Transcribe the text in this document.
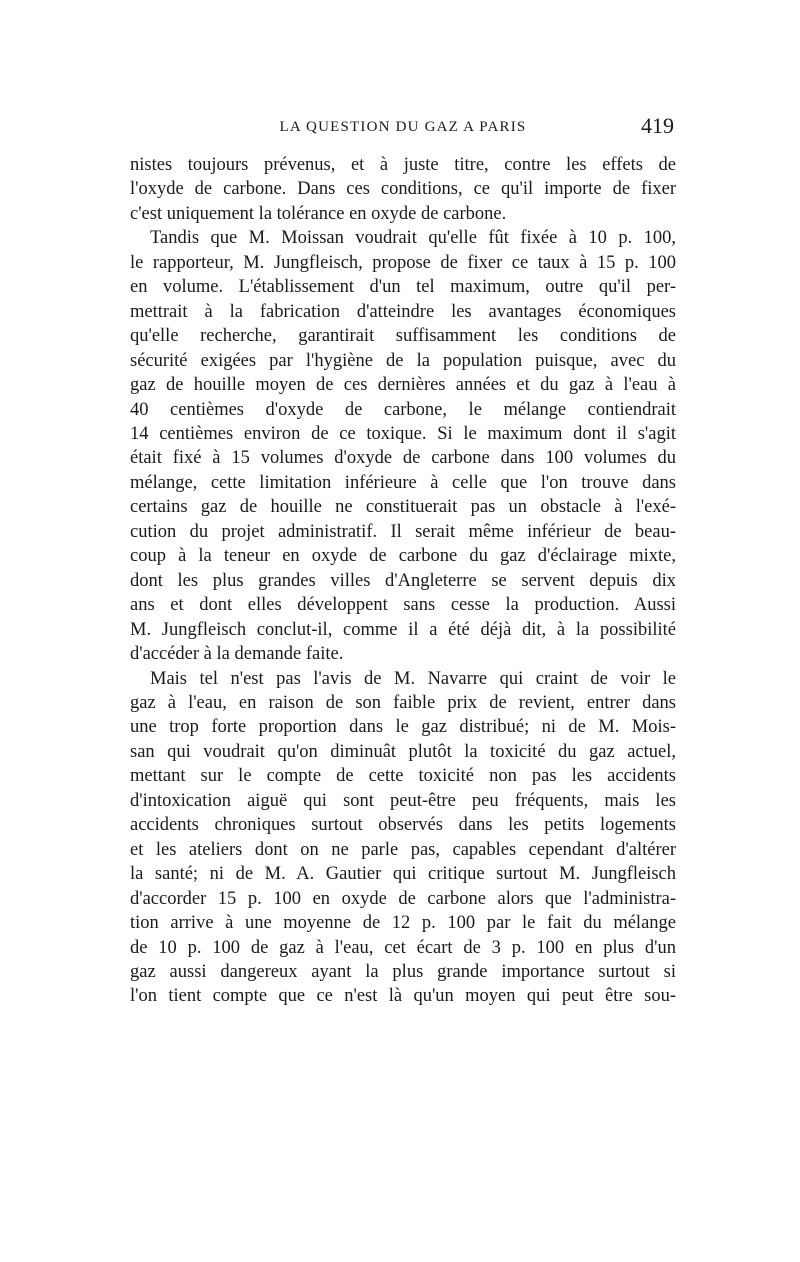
LA QUESTION DU GAZ A PARIS	419

nistes toujours prévenus, et à juste titre, contre les effets de
l'oxyde de carbone. Dans ces conditions, ce qu'il importe de fixer
c'est uniquement la tolérance en oxyde de carbone.

Tandis que M. Moissan voudrait qu'elle fût fixée à 10 p. 100,
le rapporteur, M. Jungfleisch, propose de fixer ce taux à 15 p. 100
en volume. L'établissement d'un tel maximum, outre qu'il per-
mettrait à la fabrication d'atteindre les avantages économiques
qu'elle recherche, garantirait suffisamment les conditions de
sécurité exigées par l'hygiène de la population puisque, avec du
gaz de houille moyen de ces dernières années et du gaz à l'eau à
40 centièmes d'oxyde de carbone, le mélange contiendrait
14 centièmes environ de ce toxique. Si le maximum dont il s'agit
était fixé à 15 volumes d'oxyde de carbone dans 100 volumes du
mélange, cette limitation inférieure à celle que l'on trouve dans
certains gaz de houille ne constituerait pas un obstacle à l'exé-
cution du projet administratif. Il serait même inférieur de beau-
coup à la teneur en oxyde de carbone du gaz d'éclairage mixte,
dont les plus grandes villes d'Angleterre se servent depuis dix
ans et dont elles développent sans cesse la production. Aussi
M. Jungfleisch conclut-il, comme il a été déjà dit, à la possibilité
d'accéder à la demande faite.

Mais tel n'est pas l'avis de M. Navarre qui craint de voir le
gaz à l'eau, en raison de son faible prix de revient, entrer dans
une trop forte proportion dans le gaz distribué; ni de M. Mois-
san qui voudrait qu'on diminuât plutôt la toxicité du gaz actuel,
mettant sur le compte de cette toxicité non pas les accidents
d'intoxication aiguë qui sont peut-être peu fréquents, mais les
accidents chroniques surtout observés dans les petits logements
et les ateliers dont on ne parle pas, capables cependant d'altérer
la santé; ni de M. A. Gautier qui critique surtout M. Jungfleisch
d'accorder 15 p. 100 en oxyde de carbone alors que l'administra-
tion arrive à une moyenne de 12 p. 100 par le fait du mélange
de 10 p. 100 de gaz à l'eau, cet écart de 3 p. 100 en plus d'un
gaz aussi dangereux ayant la plus grande importance surtout si
l'on tient compte que ce n'est là qu'un moyen qui peut être sou-
